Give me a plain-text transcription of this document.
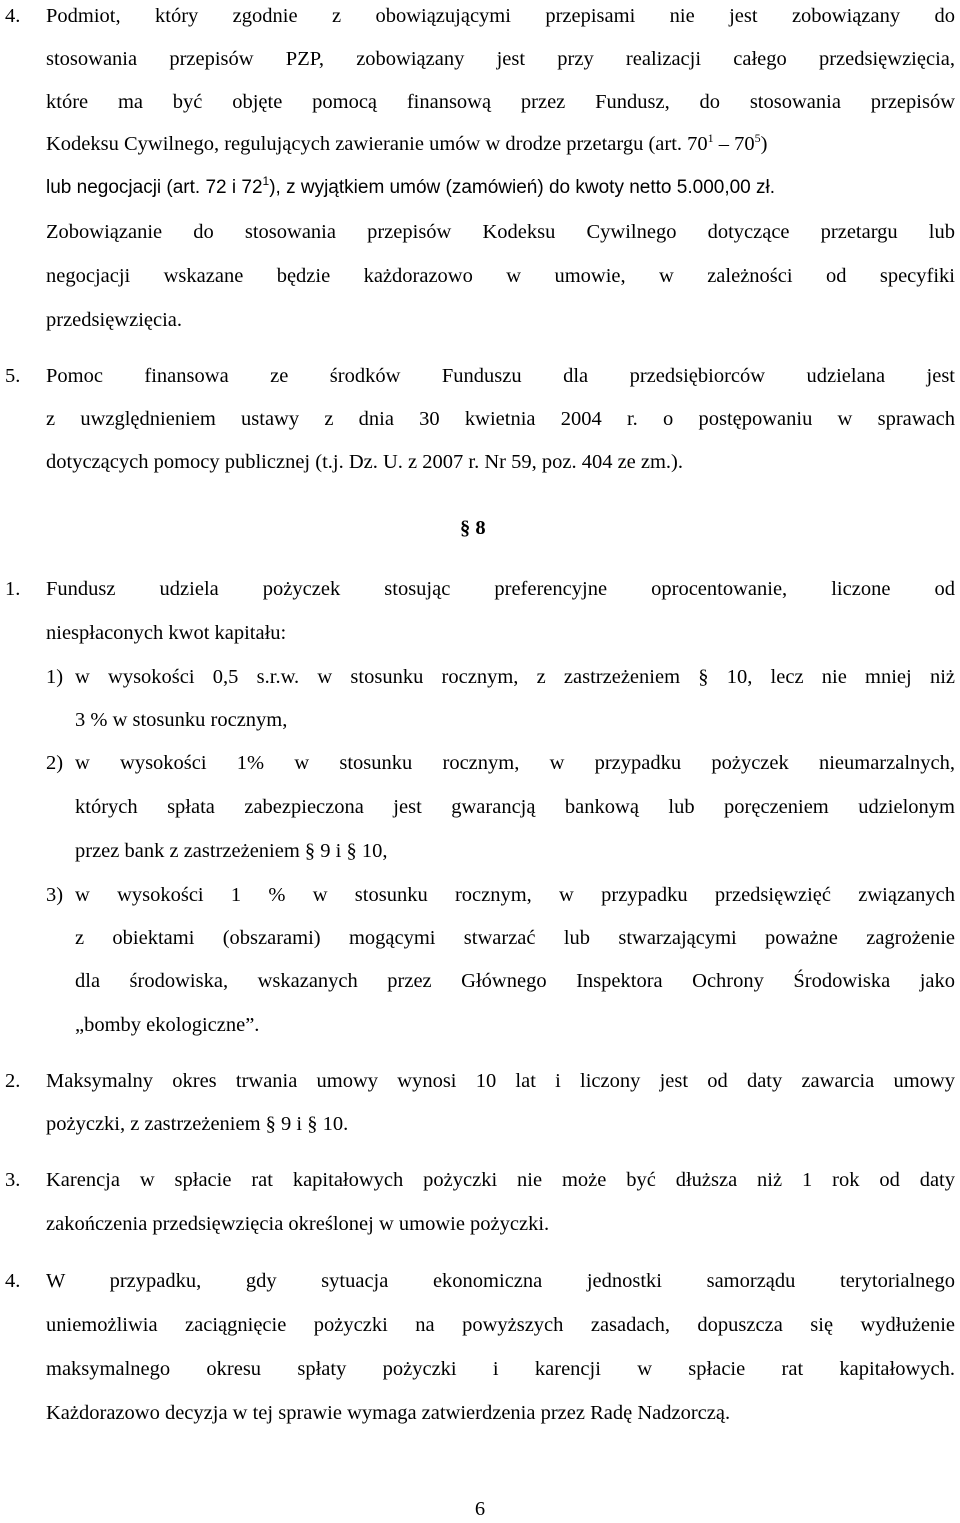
4. Podmiot, który zgodnie z obowiązującymi przepisami nie jest zobowiązany do
stosowania przepisów PZP, zobowiązany jest przy realizacji całego przedsięwzięcia,
które ma być objęte pomocą finansową przez Fundusz, do stosowania przepisów
Kodeksu Cywilnego, regulujących zawieranie umów w drodze przetargu (art. $70^1 - 70^5$)
lub negocjacji (art. 72 i $72^1$), z wyjątkiem umów (zamówień) do kwoty netto 5.000,00 zł.
Zobowiązanie do stosowania przepisów Kodeksu Cywilnego dotyczące przetargu lub
negocjacji wskazane będzie każdorazowo w umowie, w zależności od specyfiki
przedsięwzięcia.
5. Pomoc finansowa ze środków Funduszu dla przedsiębiorców udzielana jest
z uwzględnieniem ustawy z dnia 30 kwietnia 2004 r. o postępowaniu w sprawach
dotyczących pomocy publicznej (t.j. Dz. U. z 2007 r. Nr 59, poz. 404 ze zm.).
§ 8
1. Fundusz udziela pożyczek stosując preferencyjne oprocentowanie, liczone od
niespłaconych kwot kapitału:
1) w wysokości 0,5 s.r.w. w stosunku rocznym, z zastrzeżeniem § 10, lecz nie mniej niż
3 % w stosunku rocznym,
2) w wysokości 1% w stosunku rocznym, w przypadku pożyczek nieumarzalnych,
których spłata zabezpieczona jest gwarancją bankową lub poręczeniem udzielonym
przez bank z zastrzeżeniem § 9 i § 10,
3) w wysokości 1 % w stosunku rocznym, w przypadku przedsięwzięć związanych
z obiektami (obszarami) mogącymi stwarzać lub stwarzającymi poważne zagrożenie
dla środowiska, wskazanych przez Głównego Inspektora Ochrony Środowiska jako
„bomby ekologiczne”.
2. Maksymalny okres trwania umowy wynosi 10 lat i liczony jest od daty zawarcia umowy
pożyczki, z zastrzeżeniem § 9 i § 10.
3. Karencja w spłacie rat kapitałowych pożyczki nie może być dłuższa niż 1 rok od daty
zakończenia przedsięwzięcia określonej w umowie pożyczki.
4. W przypadku, gdy sytuacja ekonomiczna jednostki samorządu terytorialnego
uniemożliwia zaciągnięcie pożyczki na powyższych zasadach, dopuszcza się wydłużenie
maksymalnego okresu spłaty pożyczki i karencji w spłacie rat kapitałowych.
Każdorazowo decyzja w tej sprawie wymaga zatwierdzenia przez Radę Nadzorczą.
6
